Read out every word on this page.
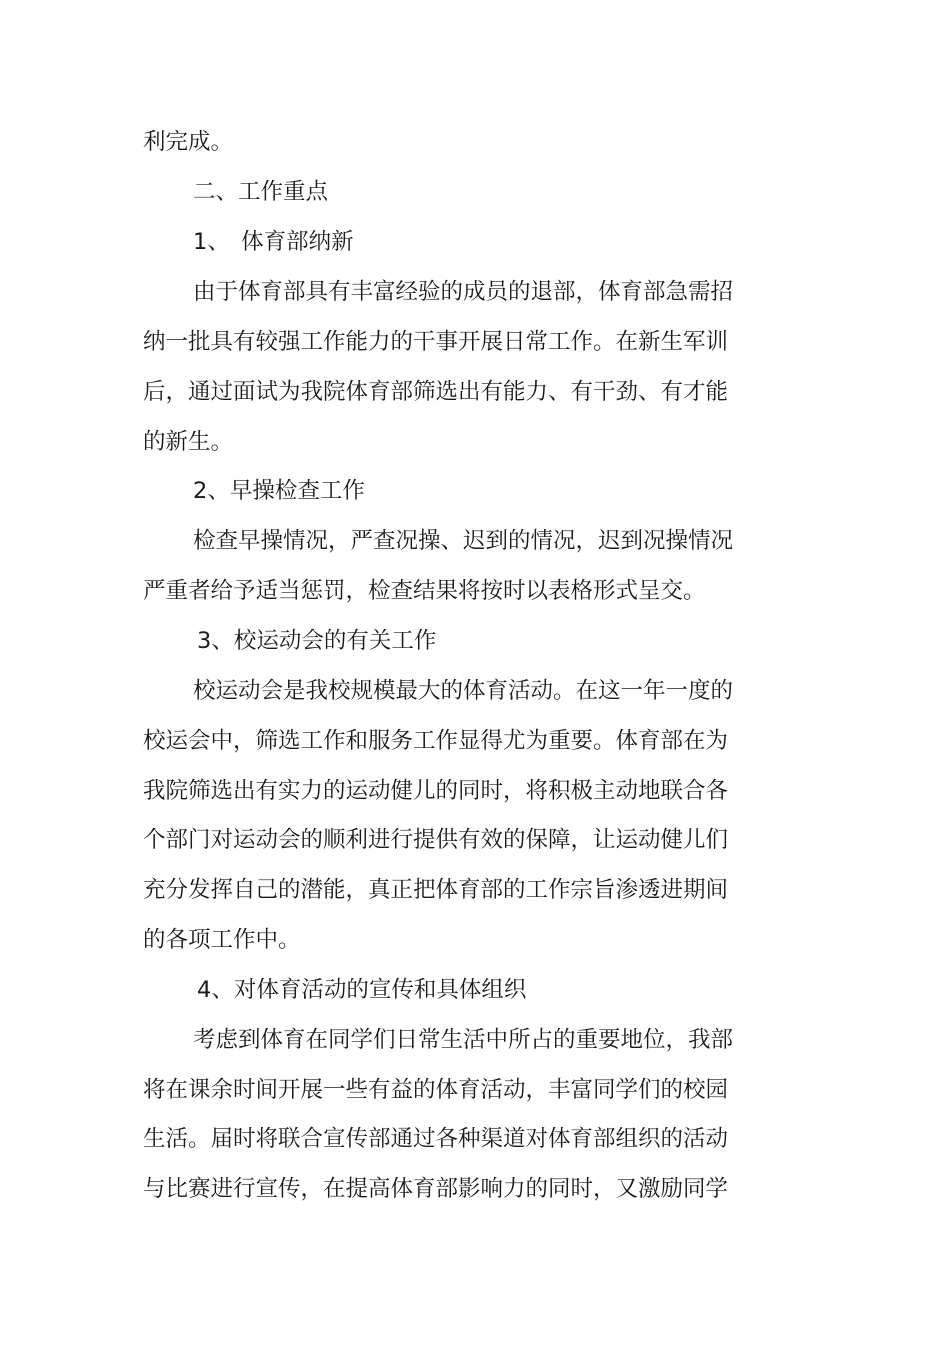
利完成。
二、工作重点
1、　体育部纳新
由于体育部具有丰富经验的成员的退部，体育部急需招
纳一批具有较强工作能力的干事开展日常工作。在新生军训
后，通过面试为我院体育部筛选出有能力、有干劲、有才能
的新生。
2、早操检查工作
检查早操情况，严查况操、迟到的情况，迟到况操情况
严重者给予适当惩罚，检查结果将按时以表格形式呈交。
3、校运动会的有关工作
校运动会是我校规模最大的体育活动。在这一年一度的
校运会中，筛选工作和服务工作显得尤为重要。体育部在为
我院筛选出有实力的运动健儿的同时，将积极主动地联合各
个部门对运动会的顺利进行提供有效的保障，让运动健儿们
充分发挥自己的潜能，真正把体育部的工作宗旨渗透进期间
的各项工作中。
4、对体育活动的宣传和具体组织
考虑到体育在同学们日常生活中所占的重要地位，我部
将在课余时间开展一些有益的体育活动，丰富同学们的校园
生活。届时将联合宣传部通过各种渠道对体育部组织的活动
与比赛进行宣传，在提高体育部影响力的同时，又激励同学
